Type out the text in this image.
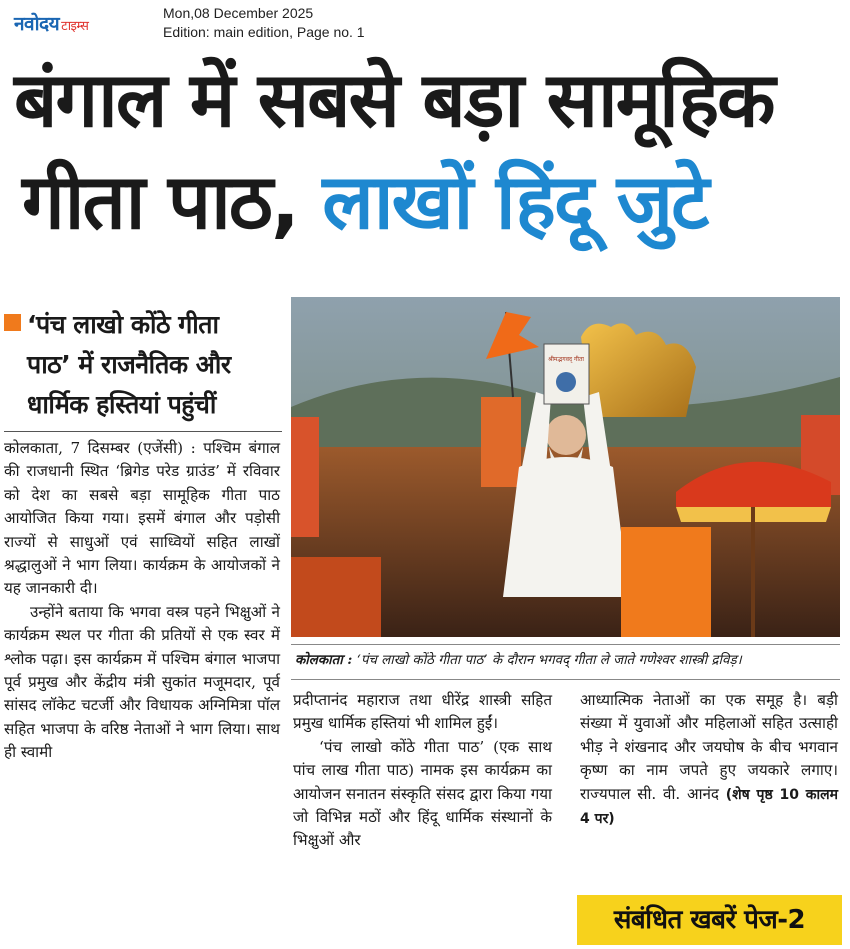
नवोदय टाइम्स
Mon,08 December 2025
Edition: main edition, Page no. 1
बंगाल में सबसे बड़ा सामूहिक
गीता पाठ, लाखों हिंदू जुटे
‘पंच लाखो कोंठे गीता
पाठ’ में राजनैतिक और
धार्मिक हस्तियां पहुंचीं

कोलकाता, 7 दिसम्बर (एजेंसी) : पश्चिम बंगाल की राजधानी स्थित ‘ब्रिगेड परेड ग्राउंड’ में रविवार को देश का सबसे बड़ा सामूहिक गीता पाठ आयोजित किया गया। इसमें बंगाल और पड़ोसी राज्यों से साधुओं एवं साध्वियों सहित लाखों श्रद्धालुओं ने भाग लिया। कार्यक्रम के आयोजकों ने यह जानकारी दी।

उन्होंने बताया कि भगवा वस्त्र पहने भिक्षुओं ने कार्यक्रम स्थल पर गीता की प्रतियों से एक स्वर में श्लोक पढ़ा। इस कार्यक्रम में पश्चिम बंगाल भाजपा पूर्व प्रमुख और केंद्रीय मंत्री सुकांत मजूमदार, पूर्व सांसद लॉकेट चटर्जी और विधायक अग्निमित्रा पॉल सहित भाजपा के वरिष्ठ नेताओं ने भाग लिया। साथ ही स्वामी

श्रीमद्भगवद् गीता
कोलकाता : ‘पंच लाखो कोंठे गीता पाठ’ के दौरान भगवद् गीता ले जाते गणेश्वर शास्त्री द्रविड़।

प्रदीप्तानंद महाराज तथा धीरेंद्र शास्त्री सहित प्रमुख धार्मिक हस्तियां भी शामिल हुईं।

‘पंच लाखो कोंठे गीता पाठ’ (एक साथ पांच लाख गीता पाठ) नामक इस कार्यक्रम का आयोजन सनातन संस्कृति संसद द्वारा किया गया जो विभिन्न मठों और हिंदू धार्मिक संस्थानों के भिक्षुओं और

आध्यात्मिक नेताओं का एक समूह है। बड़ी संख्या में युवाओं और महिलाओं सहित उत्साही भीड़ ने शंखनाद और जयघोष के बीच भगवान कृष्ण का नाम जपते हुए जयकारे लगाए। राज्यपाल सी. वी. आनंद (शेष पृष्ठ 10 कालम 4 पर)

संबंधित खबरें पेज-2
